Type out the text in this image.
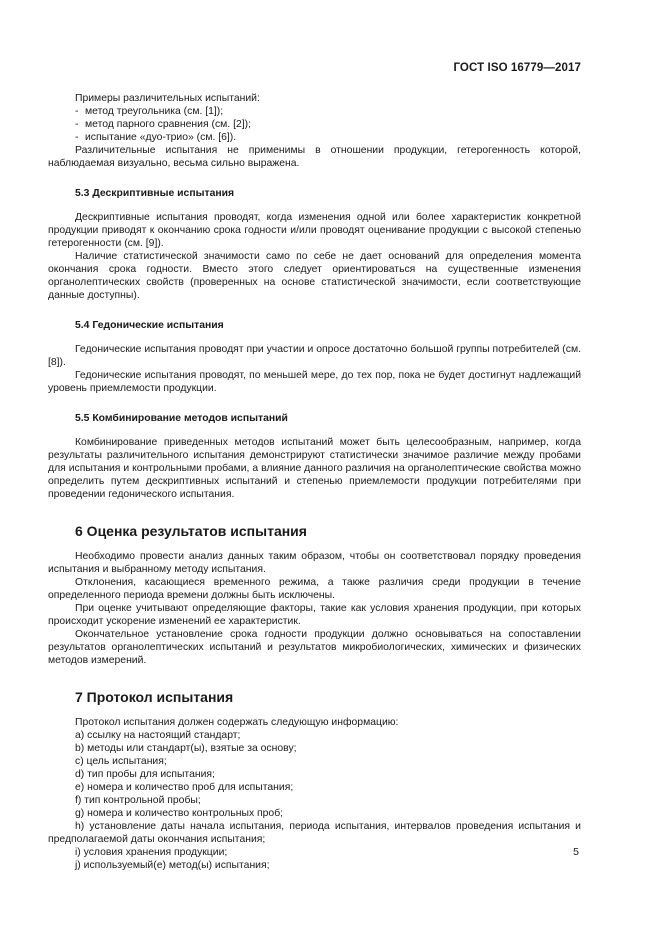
ГОСТ ISO 16779—2017

Примеры различительных испытаний:

- метод треугольника (см. [1]);

- метод парного сравнения (см. [2]);

- испытание «дуо-трио» (см. [6]).

Различительные испытания не применимы в отношении продукции, гетерогенность которой, наблюдаемая визуально, весьма сильно выражена.

5.3 Дескриптивные испытания

Дескриптивные испытания проводят, когда изменения одной или более характеристик конкретной продукции приводят к окончанию срока годности и/или проводят оценивание продукции с высокой степенью гетерогенности (см. [9]).

Наличие статистической значимости само по себе не дает оснований для определения момента окончания срока годности. Вместо этого следует ориентироваться на существенные изменения органолептических свойств (проверенных на основе статистической значимости, если соответствующие данные доступны).

5.4 Гедонические испытания

Гедонические испытания проводят при участии и опросе достаточно большой группы потребителей (см. [8]).

Гедонические испытания проводят, по меньшей мере, до тех пор, пока не будет достигнут надлежащий уровень приемлемости продукции.

5.5 Комбинирование методов испытаний

Комбинирование приведенных методов испытаний может быть целесообразным, например, когда результаты различительного испытания демонстрируют статистически значимое различие между пробами для испытания и контрольными пробами, а влияние данного различия на органолептические свойства можно определить путем дескриптивных испытаний и степенью приемлемости продукции потребителями при проведении гедонического испытания.

6 Оценка результатов испытания

Необходимо провести анализ данных таким образом, чтобы он соответствовал порядку проведения испытания и выбранному методу испытания.

Отклонения, касающиеся временного режима, а также различия среди продукции в течение определенного периода времени должны быть исключены.

При оценке учитывают определяющие факторы, такие как условия хранения продукции, при которых происходит ускорение изменений ее характеристик.

Окончательное установление срока годности продукции должно основываться на сопоставлении результатов органолептических испытаний и результатов микробиологических, химических и физических методов измерений.

7 Протокол испытания

Протокол испытания должен содержать следующую информацию:

a) ссылку на настоящий стандарт;

b) методы или стандарт(ы), взятые за основу;

c) цель испытания;

d) тип пробы для испытания;

e) номера и количество проб для испытания;

f) тип контрольной пробы;

g) номера и количество контрольных проб;

h) установление даты начала испытания, периода испытания, интервалов проведения испытания и предполагаемой даты окончания испытания;

i) условия хранения продукции;

j) используемый(е) метод(ы) испытания;

5
